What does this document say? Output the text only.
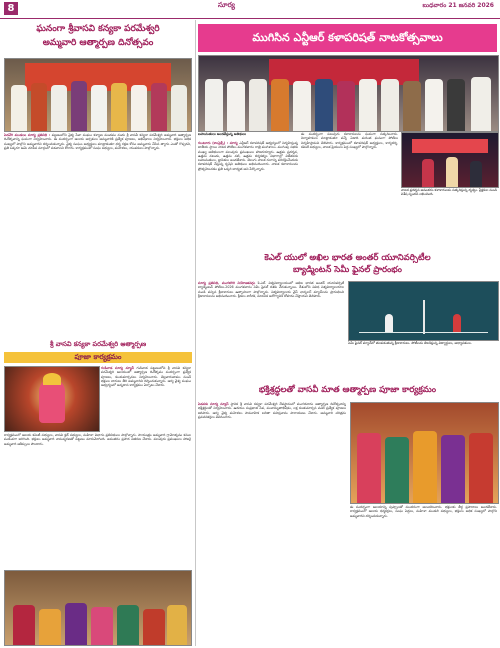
8	సూర్య	బుధవారం 21 జనవరి 2026
ఘనంగా శ్రీవాసవి కన్యకా పరమేశ్వరి
అమ్మవారి ఆత్మార్పణ దినోత్సవం
పెదవేగి మండలం సూర్య ప్రతినిధి : పట్టణంలోని వైశ్య సేవా సంఘం కళ్యాణ మండపం నందు శ్రీ వాసవీ కన్యకా పరమేశ్వరి అమ్మవారి ఆత్మార్పణ దినోత్సవాన్ని ఘనంగా నిర్వహించారు. ఈ సందర్భంగా ఆలయ అర్చకులు అమ్మవారికి ప్రత్యేక పూజలు, అభిషేకాలు నిర్వహించారు. భక్తులు అధిక సంఖ్యలో పాల్గొని అమ్మవారిని దర్శించుకున్నారు. వైశ్య సంఘం అధ్యక్షులు మాట్లాడుతూ ధర్మ రక్షణ కోసం అమ్మవారు చేసిన త్యాగం ఎంతో గొప్పదని, ప్రతి ఒక్కరూ ఆమె చూపిన మార్గంలో నడవాలని కోరారు. కార్యక్రమంలో సంఘ సభ్యులు, మహిళలు, యువకులు పాల్గొన్నారు.
శ్రీ వాసవి కన్యకా పరమేశ్వరి ఆత్మార్పణ
పూజా కార్యక్రమం
గుడివాడ సూర్య న్యూస్ గుడివాడ పట్టణంలోని శ్రీ వాసవి కన్యకా పరమేశ్వరి ఆలయంలో ఆత్మార్పణ దినోత్సవం సందర్భంగా ప్రత్యేక పూజలు, కుంకుమార్చనలు నిర్వహించారు. తెల్లవారుజాము నుండే భక్తులు బారులు తీరి అమ్మవారిని దర్శించుకున్నారు. ఆర్య వైశ్య సంఘం ఆధ్వర్యంలో అన్నదాన కార్యక్రమం ఏర్పాటు చేశారు.
కార్యక్రమంలో ఆలయ కమిటీ సభ్యులు, వాసవి క్లబ్ సభ్యులు, మహిళా విభాగం ప్రతినిధులు పాల్గొన్నారు. సాయంత్రం అమ్మవారి గ్రామోత్సవం కనుల పండువగా జరిగింది. భక్తులు అమ్మవారి నామస్మరణతో పట్టణం మారుమోగింది. అనంతరం ప్రసాద వితరణ చేశారు. పలువురు ప్రముఖులు హాజరై అమ్మవారి ఆశీస్సులు పొందారు.
ముగిసిన ఎన్టీఆర్ కళాపరిషత్ నాటకోత్సవాలు
బహుమతులు అందజేస్తున్న అతిథులు
గుంటూరు (కాంప్లెక్స్) : సూర్య ఎన్టీఆర్ కళాపరిషత్ ఆధ్వర్యంలో నిర్వహిస్తున్న జాతీయ స్థాయి నాటక పోటీలు మంగళవారం రాత్రి ముగిశాయి. ముగింపు సభకు ముఖ్య అతిథులుగా పలువురు ప్రముఖులు హాజరయ్యారు. ఉత్తమ ప్రదర్శన, ఉత్తమ నటుడు, ఉత్తమ నటి, ఉత్తమ దర్శకత్వం విభాగాల్లో విజేతలకు బహుమతులు, జ్ఞాపికలు అందజేశారు. తెలుగు నాటక రంగాన్ని పరిరక్షించేందుకు కళాపరిషత్ చేస్తున్న కృషిని అతిథులు అభినందించారు. నాటక కళాకారులను ప్రోత్సహించడం ప్రతి ఒక్కరి బాధ్యత అని పేర్కొన్నారు.
ఈ సందర్భంగా పలువురు కళాకారులను ఘనంగా సత్కరించారు. నిర్వాహకులు మాట్లాడుతూ వచ్చే ఏడాది మరింత ఘనంగా పోటీలు నిర్వహిస్తామని తెలిపారు. కార్యక్రమంలో కళాపరిషత్ అధ్యక్షులు, కార్యదర్శి, కమిటీ సభ్యులు, నాటక ప్రియులు పెద్ద సంఖ్యలో పాల్గొన్నారు.
నాటక ప్రదర్శన అనంతరం కళాకారులను సత్కరిస్తున్న దృశ్యం. ప్రేక్షకుల నుండి విశేష స్పందన లభించింది.
కెఎల్ యులో అఖిల భారత అంతర్ యూనివర్సిటీల
బ్యాడ్మింటన్ సెమీ ఫైనల్ ప్రారంభం
సూర్య ప్రతినిధి, మంగళగిరి నియోజకవర్గం కె.ఎల్. విశ్వవిద్యాలయంలో అఖిల భారత అంతర్ యూనివర్సిటీ బ్యాడ్మింటన్ పోటీలు-2026 మంగళవారం సెమీ ఫైనల్ దశకు చేరుకున్నాయి. దేశంలోని వివిధ విశ్వవిద్యాలయాల నుండి వచ్చిన క్రీడాకారులు ఉత్సాహంగా పాల్గొన్నారు. విశ్వవిద్యాలయ వైస్ ఛాన్సలర్ మ్యాచ్‌లను ప్రారంభించి క్రీడాకారులను అభినందించారు. క్రీడలు శారీరక, మానసిక ఆరోగ్యానికి దోహదం చేస్తాయని తెలిపారు.
సెమీ ఫైనల్ మ్యాచ్‌లో తలపడుతున్న క్రీడాకారులు. పోటీలను తిలకిస్తున్న విద్యార్థులు, అధ్యాపకులు.
భక్తిశ్రద్ధలతో వాసవీ మాత ఆత్మార్పణ పూజా కార్యక్రమం
పెడనకు సూర్య న్యూస్ స్థానిక శ్రీ వాసవి కన్యకా పరమేశ్వరి దేవస్థానంలో మంగళవారం ఆత్మార్పణ దినోత్సవాన్ని భక్తిశ్రద్ధలతో నిర్వహించారు. ఉదయం సుప్రభాత సేవ, పంచామృతాభిషేకం, లక్ష కుంకుమార్చన వంటి ప్రత్యేక పూజలు జరిపారు. ఆర్య వైశ్య మహిళలు సామూహిక లలితా సహస్రనామ పారాయణం చేశారు. అమ్మవారి చరిత్రను ప్రవచనకర్తలు వివరించారు.
ఈ సందర్భంగా ఆలయాన్ని పుష్పాలతో సుందరంగా అలంకరించారు. భక్తులకు తీర్థ ప్రసాదాలు అందజేశారు. కార్యక్రమంలో ఆలయ ధర్మకర్తలు, సంఘ పెద్దలు, మహిళా మండలి సభ్యులు, భక్తులు అధిక సంఖ్యలో పాల్గొని అమ్మవారిని దర్శించుకున్నారు.
